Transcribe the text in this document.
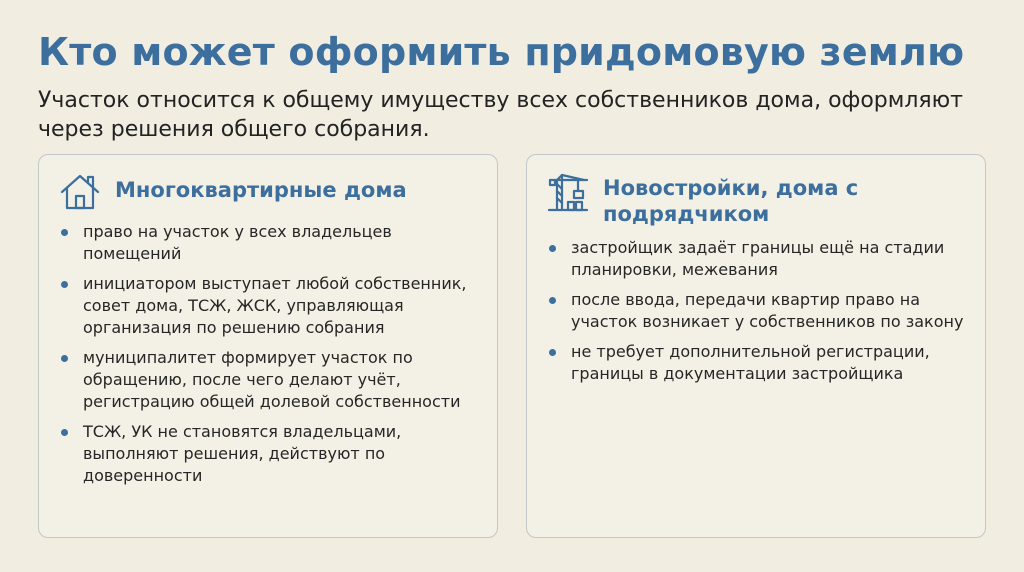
Кто может оформить придомовую землю

Участок относится к общему имуществу всех собственников дома, оформляют через решения общего собрания.

Многоквартирные дома
право на участок у всех владельцев помещений
инициатором выступает любой собственник, совет дома, ТСЖ, ЖСК, управляющая организация по решению собрания
муниципалитет формирует участок по обращению, после чего делают учёт, регистрацию общей долевой собственности
ТСЖ, УК не становятся владельцами, выполняют решения, действуют по доверенности
Новостройки, дома с подрядчиком
застройщик задаёт границы ещё на стадии планировки, межевания
после ввода, передачи квартир право на участок возникает у собственников по закону
не требует дополнительной регистрации, границы в документации застройщика
